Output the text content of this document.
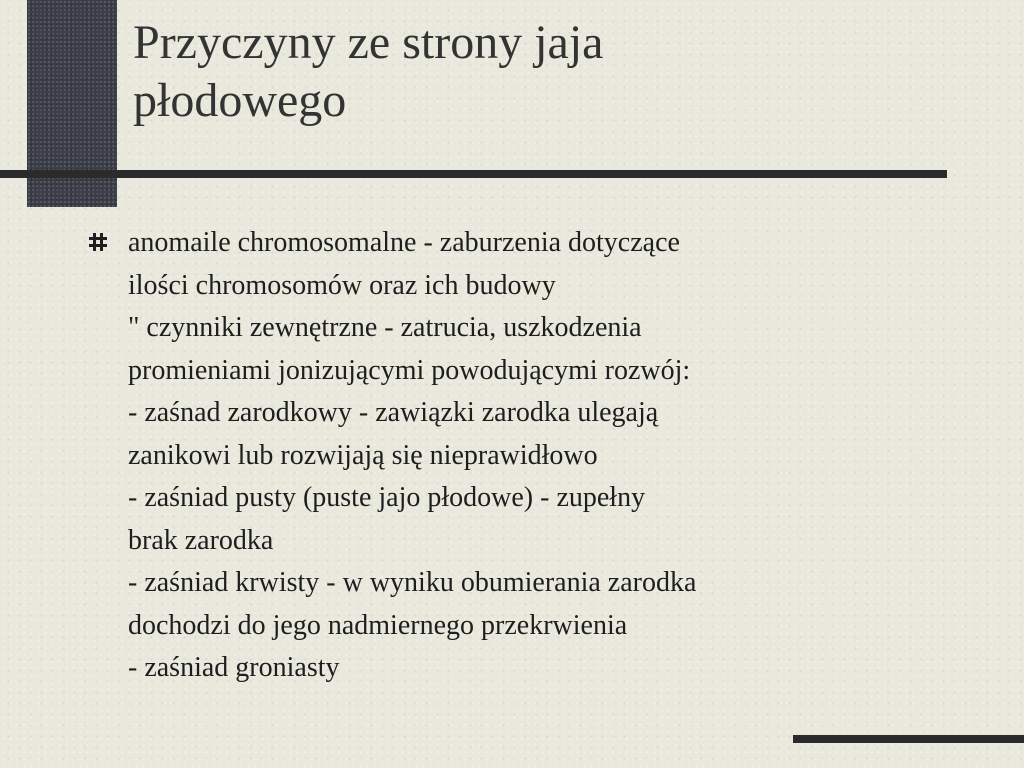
Przyczyny ze strony jaja
płodowego
anomaile chromosomalne - zaburzenia dotyczące
ilości chromosomów oraz ich budowy
" czynniki zewnętrzne - zatrucia, uszkodzenia
promieniami jonizującymi powodującymi rozwój:
- zaśnad zarodkowy - zawiązki zarodka ulegają
zanikowi lub rozwijają się nieprawidłowo
- zaśniad pusty (puste jajo płodowe) - zupełny
brak zarodka
- zaśniad krwisty - w wyniku obumierania zarodka
dochodzi do jego nadmiernego przekrwienia
- zaśniad groniasty
